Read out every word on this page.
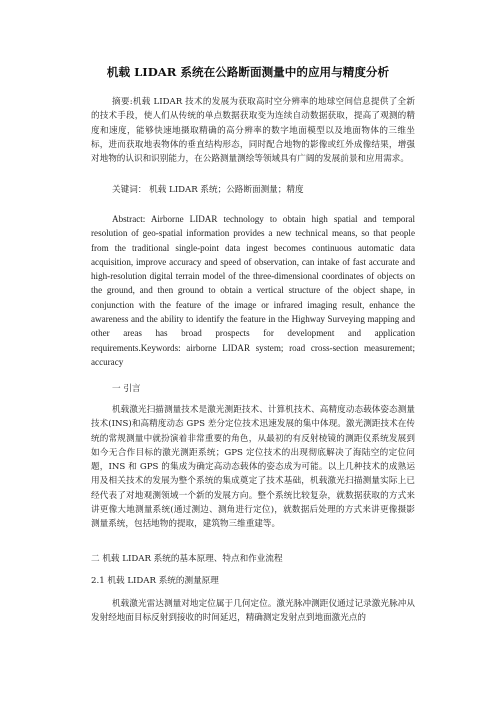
机载 LIDAR 系统在公路断面测量中的应用与精度分析

摘要:机载 LIDAR 技术的发展为获取高时空分辨率的地球空间信息提供了全新的技术手段，使人们从传统的单点数据获取变为连续自动数据获取，提高了观测的精度和速度，能够快速地摄取精确的高分辨率的数字地面模型以及地面物体的三维坐标，进而获取地表物体的垂直结构形态，同时配合地物的影像或红外成像结果，增强对地物的认识和识别能力，在公路测量测绘等领域具有广阔的发展前景和应用需求。

关键词： 机载 LIDAR 系统；公路断面测量；精度

Abstract: Airborne LIDAR technology to obtain high spatial and temporal resolution of geo-spatial information provides a new technical means, so that people from the traditional single-point data ingest becomes continuous automatic data acquisition, improve accuracy and speed of observation, can intake of fast accurate and high-resolution digital terrain model of the three-dimensional coordinates of objects on the ground, and then ground to obtain a vertical structure of the object shape, in conjunction with the feature of the image or infrared imaging result, enhance the awareness and the ability to identify the feature in the Highway Surveying mapping and other areas has broad prospects for development and application requirements.Keywords: airborne LIDAR system; road cross-section measurement; accuracy

一 引言

机载激光扫描测量技术是激光测距技术、计算机技术、高精度动态载体姿态测量技术(INS)和高精度动态 GPS 差分定位技术迅速发展的集中体现。激光测距技术在传统的常规测量中就扮演着非常重要的角色，从最初的有反射棱镜的测距仪系统发展到如今无合作目标的激光测距系统；GPS 定位技术的出现彻底解决了海陆空的定位问题，INS 和 GPS 的集成为确定高动态载体的姿态成为可能。以上几种技术的成熟运用及相关技术的发展为整个系统的集成奠定了技术基础，机载激光扫描测量实际上已经代表了对地观测领域一个新的发展方向。整个系统比较复杂，就数据获取的方式来讲更像大地测量系统(通过测边、测角进行定位)，就数据后处理的方式来讲更像摄影测量系统，包括地物的提取，建筑物三维重建等。

二 机载 LIDAR 系统的基本原理、特点和作业流程
2.1 机载 LIDAR 系统的测量原理

机载激光雷达测量对地定位属于几何定位。激光脉冲测距仪通过记录激光脉冲从发射经地面目标反射到接收的时间延迟，精确测定发射点到地面激光点的
